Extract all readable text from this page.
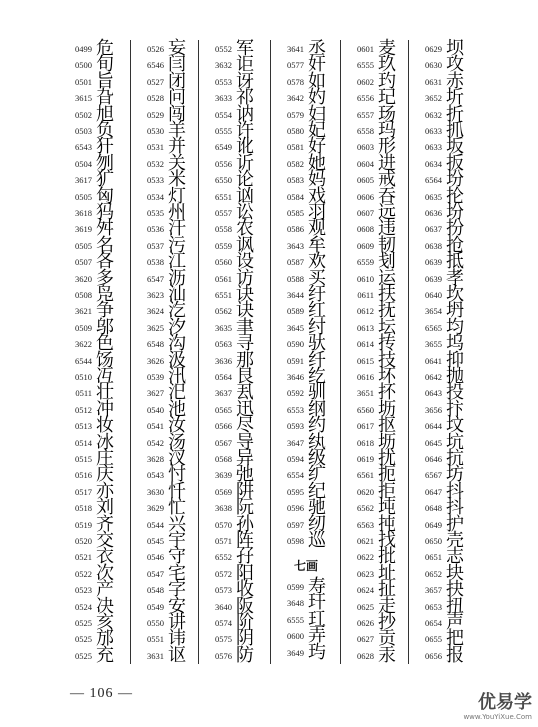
0499 危
0500 旬
0501 旨
3615 旮
0502 旭
0503 负
6543 犴
0504 刎
3617 犷
0505 匈
3618 犸
3619 舛
0505 名
0507 各
3620 多
0508 凫
3621 争
0509 邬
3622 色
6544 饧
0510 冱
0511 壮
0512 冲
0513 妆
0514 冰
0515 庄
0516 庆
0517 亦
0518 刘
0519 齐
0520 交
0521 衣
0522 次
0523 产
0524 决
0525 亥
0525 邡
0525 充
0526 妄
6546 闫
0527 闭
0528 问
0529 闯
0530 羊
0531 并
0532 关
0533 米
0534 灯
0535 州
0536 汗
0537 污
0538 江
6547 沥
3623 汕
3624 汔
3625 汐
6548 沟
3626 汲
0539 汛
3627 汜
0540 池
0541 汝
0542 汤
3628 汊
0543 忖
3630 忏
3629 忙
0544 兴
0545 宇
0546 守
0547 宅
0548 字
0549 安
0550 讲
0551 讳
3631 讴
0552 军
3632 讵
0553 讶
3633 祁
0554 讷
0555 许
6549 讹
0556 䜣
6550 论
6551 讻
0557 讼
0558 农
0559 讽
0560 设
0561 访
6551 诀
0562 诀
3635 聿
0563 寻
3636 那
0564 艮
3637 厾
0565 迅
0566 尽
0567 导
0568 异
3639 弛
0569 阱
3638 阮
0570 孙
0571 阵
6552 孖
0572 阳
0573 收
3640 阪
0574 阶
0575 阴
0576 防
3641 丞
0577 奸
0578 如
3642 妁
0579 妇
0580 妃
0581 好
0582 她
0583 妈
0584 戏
0585 羽
0586 观
3643 牟
0587 欢
0588 买
3644 纡
0589 红
3645 纣
0590 驮
0591 纤
3646 纥
0592 驯
6553 纲
0593 约
3647 纨
0594 级
6554 纩
0595 纪
0596 驰
0597 纫
0598 巡
七画
0599 寿
3648 玕
6555 玒
0600 弄
3649 玙
0601 麦
6555 玖
0602 玓
6556 玘
6557 玚
6558 玛
0603 形
0604 进
0605 戒
0606 吞
0607 远
0608 违
0609 韧
6559 刬
0610 运
0611 扶
0612 抚
0613 坛
0614 抟
0615 技
0616 坏
3651 抔
6560 坜
0617 抠
0618 坜
0619 扰
6561 扼
0620 拒
6562 坉
6563 扽
0621 找
0622 批
0623 址
0624 扯
0625 走
0626 抄
0627 贡
0628 汞
0629 坝
0630 攻
0631 赤
3652 圻
0632 折
0633 抓
0633 坂
0634 扳
6564 坋
0635 抡
0636 坋
0637 扮
0638 抢
0639 抵
0639 孝
0640 坎
3654 坍
6565 均
3655 坞
0641 抑
0642 抛
0643 投
3656 抃
0644 坟
0645 坑
0646 抗
6567 坊
0647 抖
0648 抖
0649 护
0650 壳
0651 志
0652 块
3657 抉
0653 扭
0654 声
0655 把
0656 报
— 106 —	优易学
www.YouYiXue.Com
